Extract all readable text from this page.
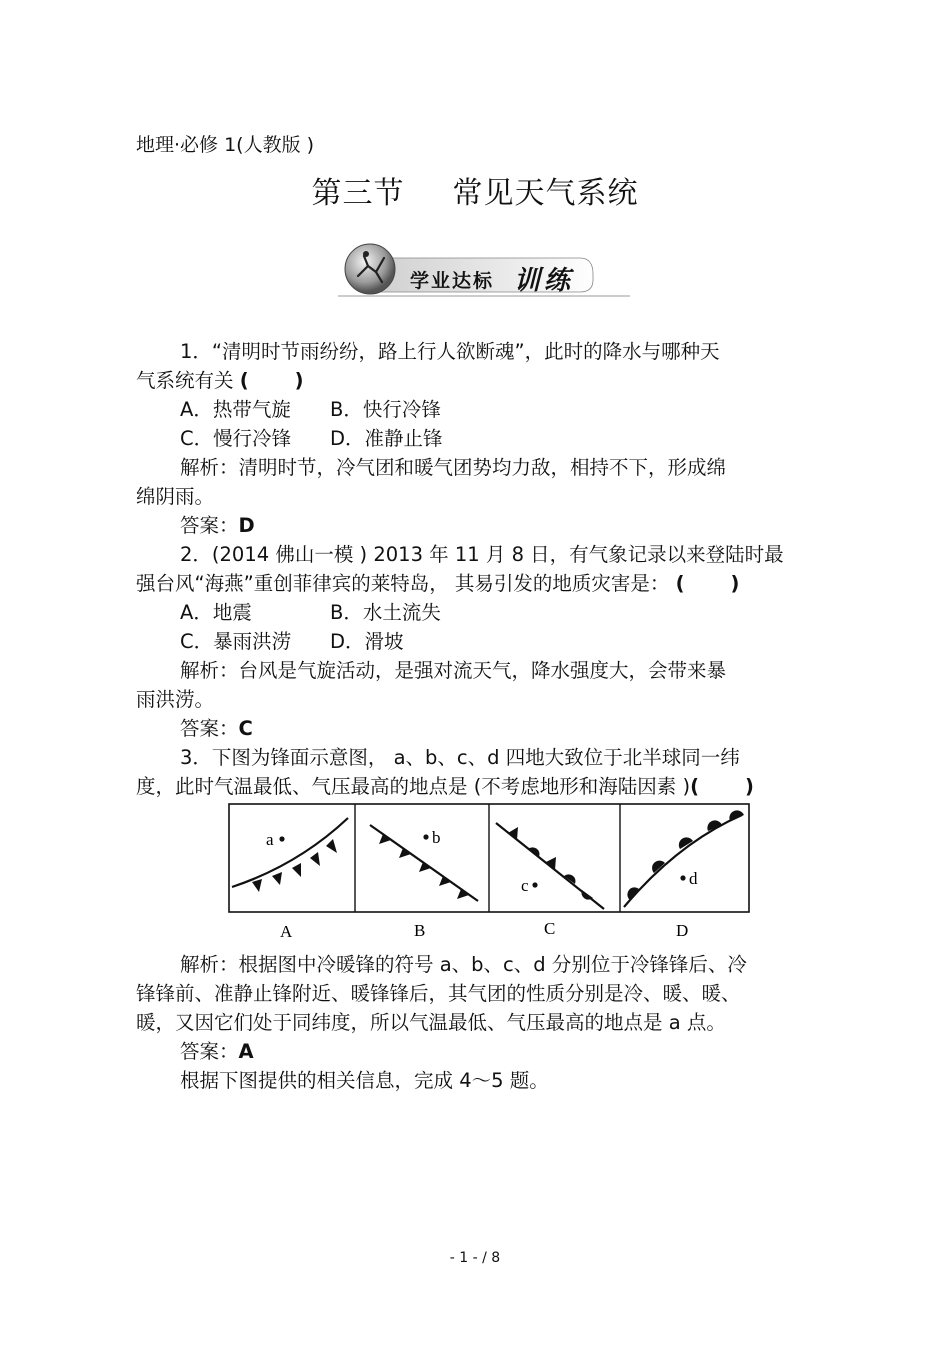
地理·必修 1(人教版 )
第三节 常见天气系统
学业达标 训练
1．“清明时节雨纷纷，路上行人欲断魂”，此时的降水与哪种天
气系统有关 ( )
A．热带气旋 B．快行冷锋
C．慢行冷锋 D．准静止锋
解析：清明时节，冷气团和暖气团势均力敌，相持不下，形成绵
绵阴雨。
答案：D
2．(2014 佛山一模 ) 2013 年 11 月 8 日，有气象记录以来登陆时最
强台风“海燕”重创菲律宾的莱特岛， 其易引发的地质灾害是： ( )
A．地震	B．水土流失
C．暴雨洪涝 D．滑坡
解析：台风是气旋活动，是强对流天气，降水强度大，会带来暴
雨洪涝。
答案：C
3．下图为锋面示意图， a、b、c、d 四地大致位于北半球同一纬
度，此时气温最低、气压最高的地点是 (不考虑地形和海陆因素 )( )
a	b
c	d
A	B	C	D
解析：根据图中冷暖锋的符号 a、b、c、d 分别位于冷锋锋后、冷
锋锋前、准静止锋附近、暖锋锋后，其气团的性质分别是冷、暖、暖、
暖，又因它们处于同纬度，所以气温最低、气压最高的地点是 a 点。
答案：A
根据下图提供的相关信息，完成 4～5 题。
- 1 - / 8
